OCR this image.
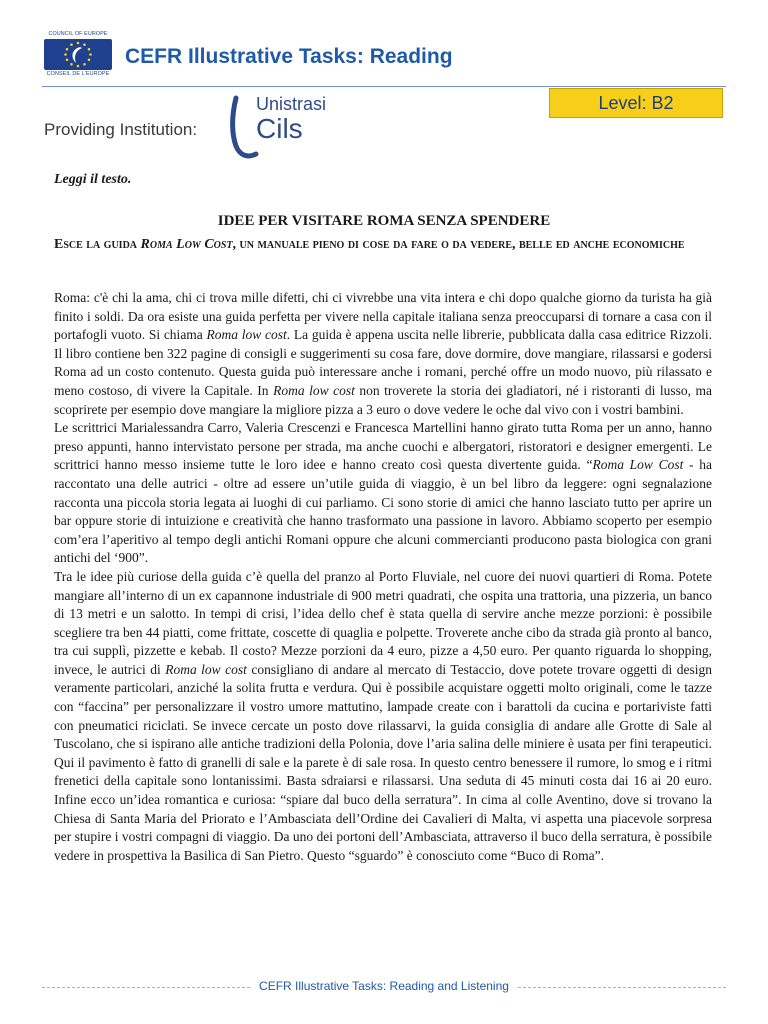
COUNCIL OF EUROPE
CONSEIL DE L'EUROPE
CEFR Illustrative Tasks: Reading
Level: B2
Providing Institution:
Unistrasi
Cils
Leggi il testo.
IDEE PER VISITARE ROMA SENZA SPENDERE
Esce la guida Roma Low Cost, un manuale pieno di cose da fare o da vedere, belle ed anche economiche

Roma: c'è chi la ama, chi ci trova mille difetti, chi ci vivrebbe una vita intera e chi dopo qualche giorno da turista ha già finito i soldi. Da ora esiste una guida perfetta per vivere nella capitale italiana senza preoccuparsi di tornare a casa con il portafogli vuoto. Si chiama Roma low cost. La guida è appena uscita nelle librerie, pubblicata dalla casa editrice Rizzoli. Il libro contiene ben 322 pagine di consigli e suggerimenti su cosa fare, dove dormire, dove mangiare, rilassarsi e godersi Roma ad un costo contenuto. Questa guida può interessare anche i romani, perché offre un modo nuovo, più rilassato e meno costoso, di vivere la Capitale. In Roma low cost non troverete la storia dei gladiatori, né i ristoranti di lusso, ma scoprirete per esempio dove mangiare la migliore pizza a 3 euro o dove vedere le oche dal vivo con i vostri bambini.

Le scrittrici Marialessandra Carro, Valeria Crescenzi e Francesca Martellini hanno girato tutta Roma per un anno, hanno preso appunti, hanno intervistato persone per strada, ma anche cuochi e albergatori, ristoratori e designer emergenti. Le scrittrici hanno messo insieme tutte le loro idee e hanno creato così questa divertente guida. “Roma Low Cost - ha raccontato una delle autrici - oltre ad essere un’utile guida di viaggio, è un bel libro da leggere: ogni segnalazione racconta una piccola storia legata ai luoghi di cui parliamo. Ci sono storie di amici che hanno lasciato tutto per aprire un bar oppure storie di intuizione e creatività che hanno trasformato una passione in lavoro. Abbiamo scoperto per esempio com’era l’aperitivo al tempo degli antichi Romani oppure che alcuni commercianti producono pasta biologica con grani antichi del ‘900”.

Tra le idee più curiose della guida c’è quella del pranzo al Porto Fluviale, nel cuore dei nuovi quartieri di Roma. Potete mangiare all’interno di un ex capannone industriale di 900 metri quadrati, che ospita una trattoria, una pizzeria, un banco di 13 metri e un salotto. In tempi di crisi, l’idea dello chef è stata quella di servire anche mezze porzioni: è possibile scegliere tra ben 44 piatti, come frittate, coscette di quaglia e polpette. Troverete anche cibo da strada già pronto al banco, tra cui supplì, pizzette e kebab. Il costo? Mezze porzioni da 4 euro, pizze a 4,50 euro. Per quanto riguarda lo shopping, invece, le autrici di Roma low cost consigliano di andare al mercato di Testaccio, dove potete trovare oggetti di design veramente particolari, anziché la solita frutta e verdura. Qui è possibile acquistare oggetti molto originali, come le tazze con “faccina” per personalizzare il vostro umore mattutino, lampade create con i barattoli da cucina e portariviste fatti con pneumatici riciclati. Se invece cercate un posto dove rilassarvi, la guida consiglia di andare alle Grotte di Sale al Tuscolano, che si ispirano alle antiche tradizioni della Polonia, dove l’aria salina delle miniere è usata per fini terapeutici. Qui il pavimento è fatto di granelli di sale e la parete è di sale rosa. In questo centro benessere il rumore, lo smog e i ritmi frenetici della capitale sono lontanissimi. Basta sdraiarsi e rilassarsi. Una seduta di 45 minuti costa dai 16 ai 20 euro. Infine ecco un’idea romantica e curiosa: “spiare dal buco della serratura”. In cima al colle Aventino, dove si trovano la Chiesa di Santa Maria del Priorato e l’Ambasciata dell’Ordine dei Cavalieri di Malta, vi aspetta una piacevole sorpresa per stupire i vostri compagni di viaggio. Da uno dei portoni dell’Ambasciata, attraverso il buco della serratura, è possibile vedere in prospettiva la Basilica di San Pietro. Questo “sguardo” è conosciuto come “Buco di Roma”.

CEFR Illustrative Tasks: Reading and Listening
